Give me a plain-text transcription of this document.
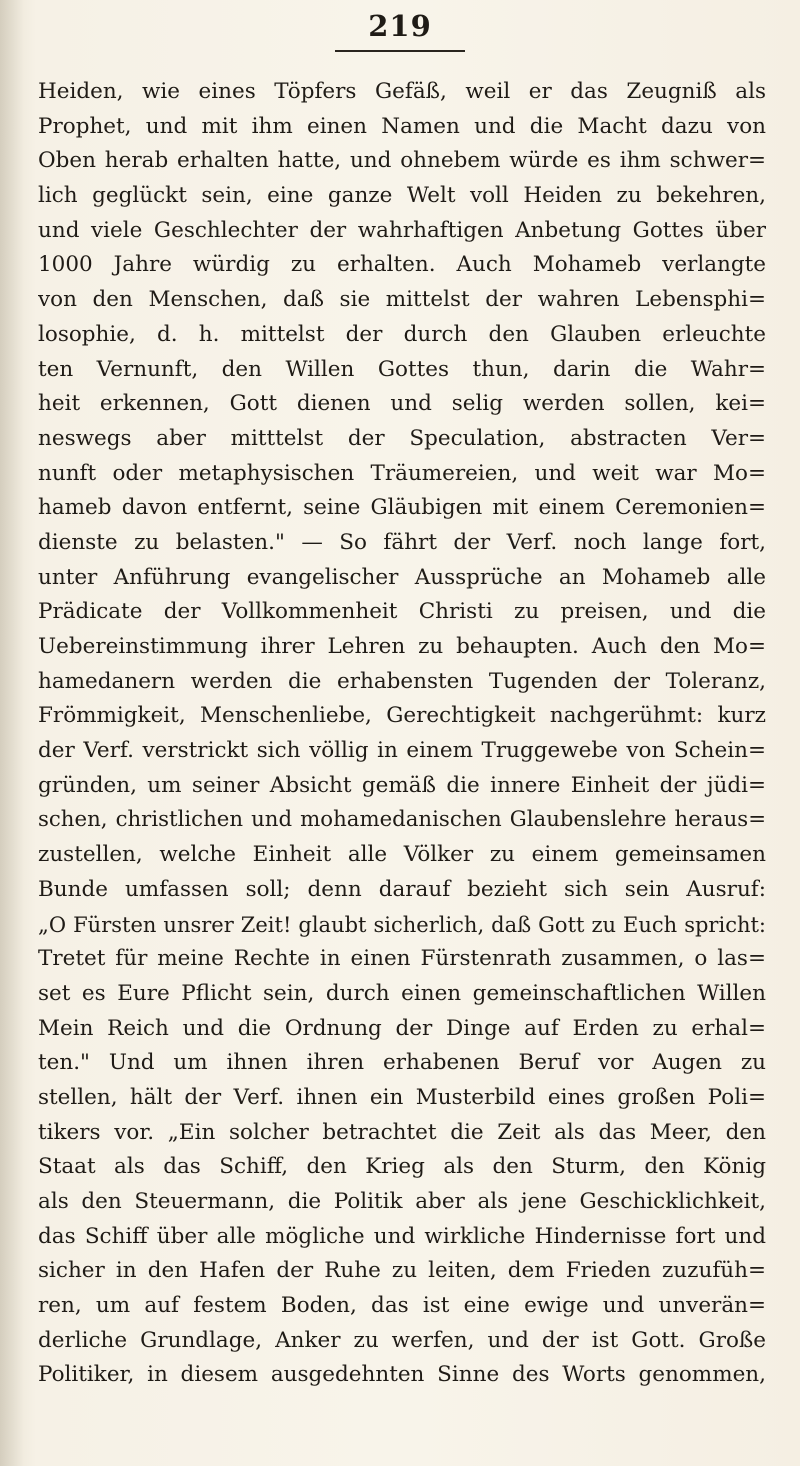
219
Heiden, wie eines Töpfers Gefäß, weil er das Zeugniß als
Prophet, und mit ihm einen Namen und die Macht dazu von
Oben herab erhalten hatte, und ohnebem würde es ihm schwer=
lich geglückt sein, eine ganze Welt voll Heiden zu bekehren,
und viele Geschlechter der wahrhaftigen Anbetung Gottes über
1000 Jahre würdig zu erhalten. Auch Mohameb verlangte
von den Menschen, daß sie mittelst der wahren Lebensphi=
losophie, d. h. mittelst der durch den Glauben erleuchte
ten Vernunft, den Willen Gottes thun, darin die Wahr=
heit erkennen, Gott dienen und selig werden sollen, kei=
neswegs aber mitttelst der Speculation, abstracten Ver=
nunft oder metaphysischen Träumereien, und weit war Mo=
hameb davon entfernt, seine Gläubigen mit einem Ceremonien=
dienste zu belasten." — So fährt der Verf. noch lange fort,
unter Anführung evangelischer Aussprüche an Mohameb alle
Prädicate der Vollkommenheit Christi zu preisen, und die
Uebereinstimmung ihrer Lehren zu behaupten. Auch den Mo=
hamedanern werden die erhabensten Tugenden der Toleranz,
Frömmigkeit, Menschenliebe, Gerechtigkeit nachgerühmt: kurz
der Verf. verstrickt sich völlig in einem Truggewebe von Schein=
gründen, um seiner Absicht gemäß die innere Einheit der jüdi=
schen, christlichen und mohamedanischen Glaubenslehre heraus=
zustellen, welche Einheit alle Völker zu einem gemeinsamen
Bunde umfassen soll; denn darauf bezieht sich sein Ausruf:
„O Fürsten unsrer Zeit! glaubt sicherlich, daß Gott zu Euch spricht:
Tretet für meine Rechte in einen Fürstenrath zusammen, o las=
set es Eure Pflicht sein, durch einen gemeinschaftlichen Willen
Mein Reich und die Ordnung der Dinge auf Erden zu erhal=
ten." Und um ihnen ihren erhabenen Beruf vor Augen zu
stellen, hält der Verf. ihnen ein Musterbild eines großen Poli=
tikers vor. „Ein solcher betrachtet die Zeit als das Meer, den
Staat als das Schiff, den Krieg als den Sturm, den König
als den Steuermann, die Politik aber als jene Geschicklichkeit,
das Schiff über alle mögliche und wirkliche Hindernisse fort und
sicher in den Hafen der Ruhe zu leiten, dem Frieden zuzufüh=
ren, um auf festem Boden, das ist eine ewige und unverän=
derliche Grundlage, Anker zu werfen, und der ist Gott. Große
Politiker, in diesem ausgedehnten Sinne des Worts genommen,
